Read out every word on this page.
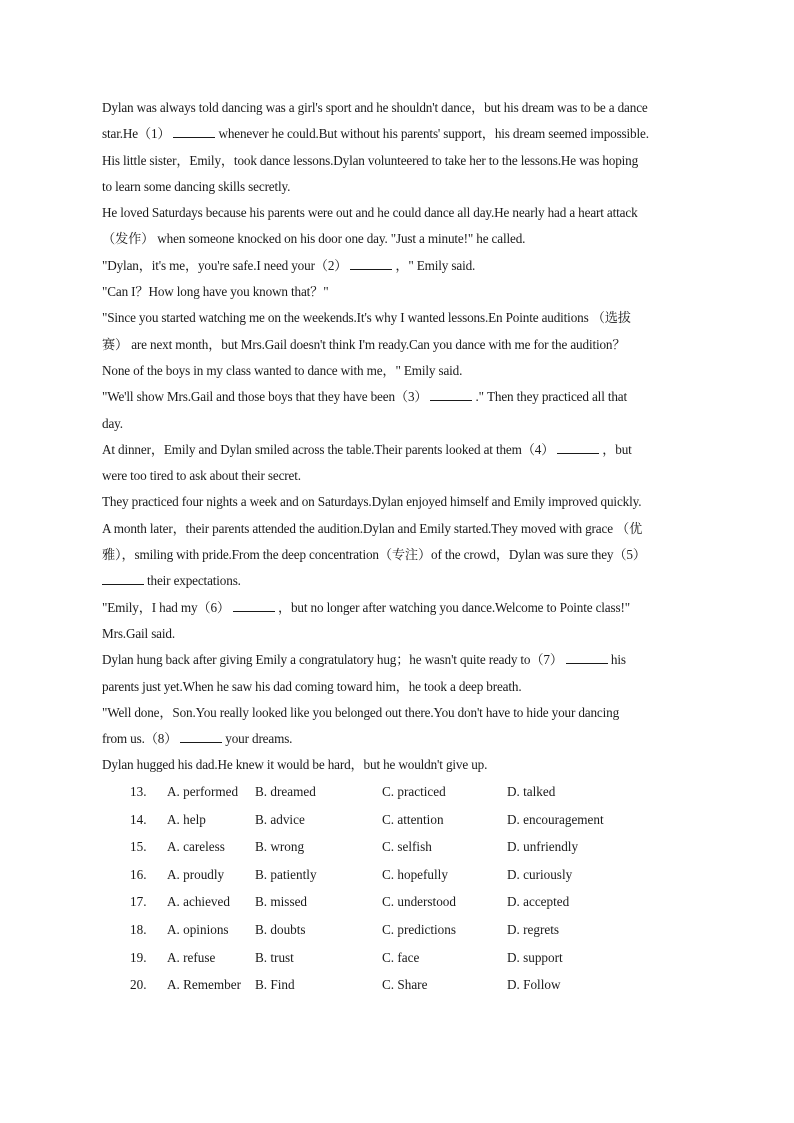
Dylan was always told dancing was a girl's sport and he shouldn't dance，but his dream was to be a dance
star.He（1）	whenever he could.But without his parents' support，his dream seemed impossible.
His little sister，Emily，took dance lessons.Dylan volunteered to take her to the lessons.He was hoping
to learn some dancing skills secretly.
He loved Saturdays because his parents were out and he could dance all day.He nearly had a heart attack
（发作） when someone knocked on his door one day. "Just a minute!" he called.
"Dylan，it's me，you're safe.I need your（2）	，" Emily said.
"Can I？How long have you known that？"
"Since you started watching me on the weekends.It's why I wanted lessons.En Pointe auditions （选拔
赛） are next month，but Mrs.Gail doesn't think I'm ready.Can you dance with me for the audition？
None of the boys in my class wanted to dance with me，" Emily said.
"We'll show Mrs.Gail and those boys that they have been（3）	." Then they practiced all that
day.
At dinner，Emily and Dylan smiled across the table.Their parents looked at them（4）	，but
were too tired to ask about their secret.
They practiced four nights a week and on Saturdays.Dylan enjoyed himself and Emily improved quickly.
A month later，their parents attended the audition.Dylan and Emily started.They moved with grace （优
雅），smiling with pride.From the deep concentration（专注）of the crowd，Dylan was sure they（5）
their expectations.
"Emily，I had my（6）	，but no longer after watching you dance.Welcome to Pointe class!"
Mrs.Gail said.
Dylan hung back after giving Emily a congratulatory hug；he wasn't quite ready to（7）	his
parents just yet.When he saw his dad coming toward him，he took a deep breath.
"Well done，Son.You really looked like you belonged out there.You don't have to hide your dancing
from us.（8）	your dreams.
Dylan hugged his dad.He knew it would be hard，but he wouldn't give up.
13. A. performed B. dreamed	C. practiced	D. talked
14. A. help	B. advice	C. attention	D. encouragement
15. A. careless B. wrong	C. selfish	D. unfriendly
16. A. proudly B. patiently	C. hopefully	D. curiously
17. A. achieved B. missed	C. understood	D. accepted
18. A. opinions B. doubts	C. predictions	D. regrets
19. A. refuse	B. trust	C. face	D. support
20. A. Remember B. Find	C. Share	D. Follow
